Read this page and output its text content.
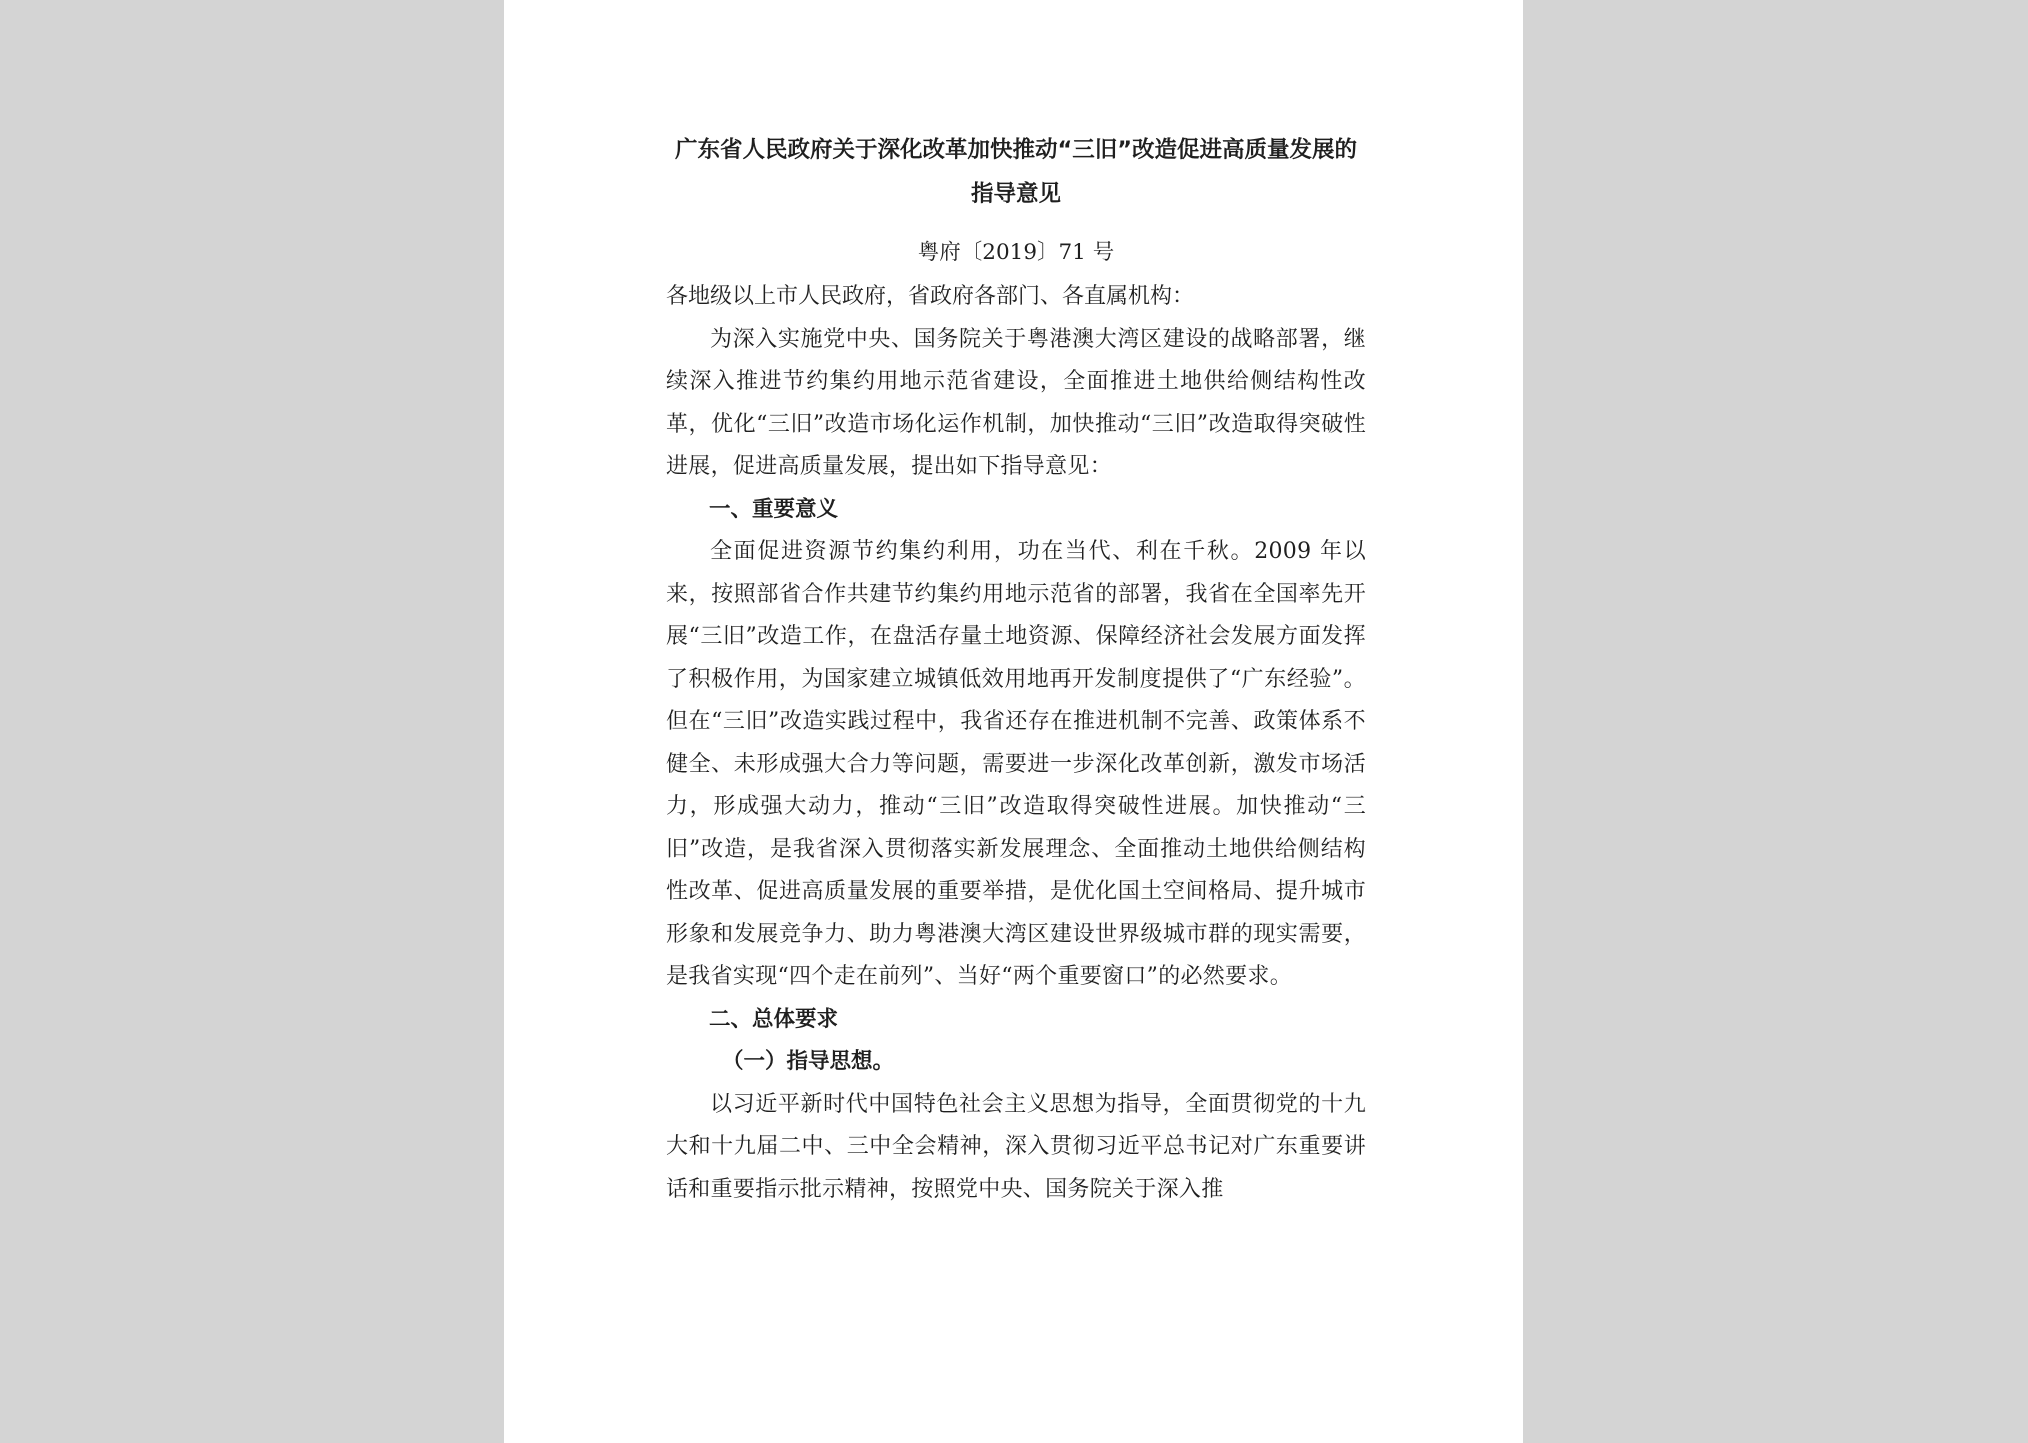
广东省人民政府关于深化改革加快推动“三旧”改造促进高质量发展的指导意见
粤府〔2019〕71 号

各地级以上市人民政府，省政府各部门、各直属机构：

为深入实施党中央、国务院关于粤港澳大湾区建设的战略部署，继续深入推进节约集约用地示范省建设，全面推进土地供给侧结构性改革，优化“三旧”改造市场化运作机制，加快推动“三旧”改造取得突破性进展，促进高质量发展，提出如下指导意见：

一、重要意义

全面促进资源节约集约利用，功在当代、利在千秋。2009 年以来，按照部省合作共建节约集约用地示范省的部署，我省在全国率先开展“三旧”改造工作，在盘活存量土地资源、保障经济社会发展方面发挥了积极作用，为国家建立城镇低效用地再开发制度提供了“广东经验”。但在“三旧”改造实践过程中，我省还存在推进机制不完善、政策体系不健全、未形成强大合力等问题，需要进一步深化改革创新，激发市场活力，形成强大动力，推动“三旧”改造取得突破性进展。加快推动“三旧”改造，是我省深入贯彻落实新发展理念、全面推动土地供给侧结构性改革、促进高质量发展的重要举措，是优化国土空间格局、提升城市形象和发展竞争力、助力粤港澳大湾区建设世界级城市群的现实需要，是我省实现“四个走在前列”、当好“两个重要窗口”的必然要求。

二、总体要求

（一）指导思想。

以习近平新时代中国特色社会主义思想为指导，全面贯彻党的十九大和十九届二中、三中全会精神，深入贯彻习近平总书记对广东重要讲话和重要指示批示精神，按照党中央、国务院关于深入推
